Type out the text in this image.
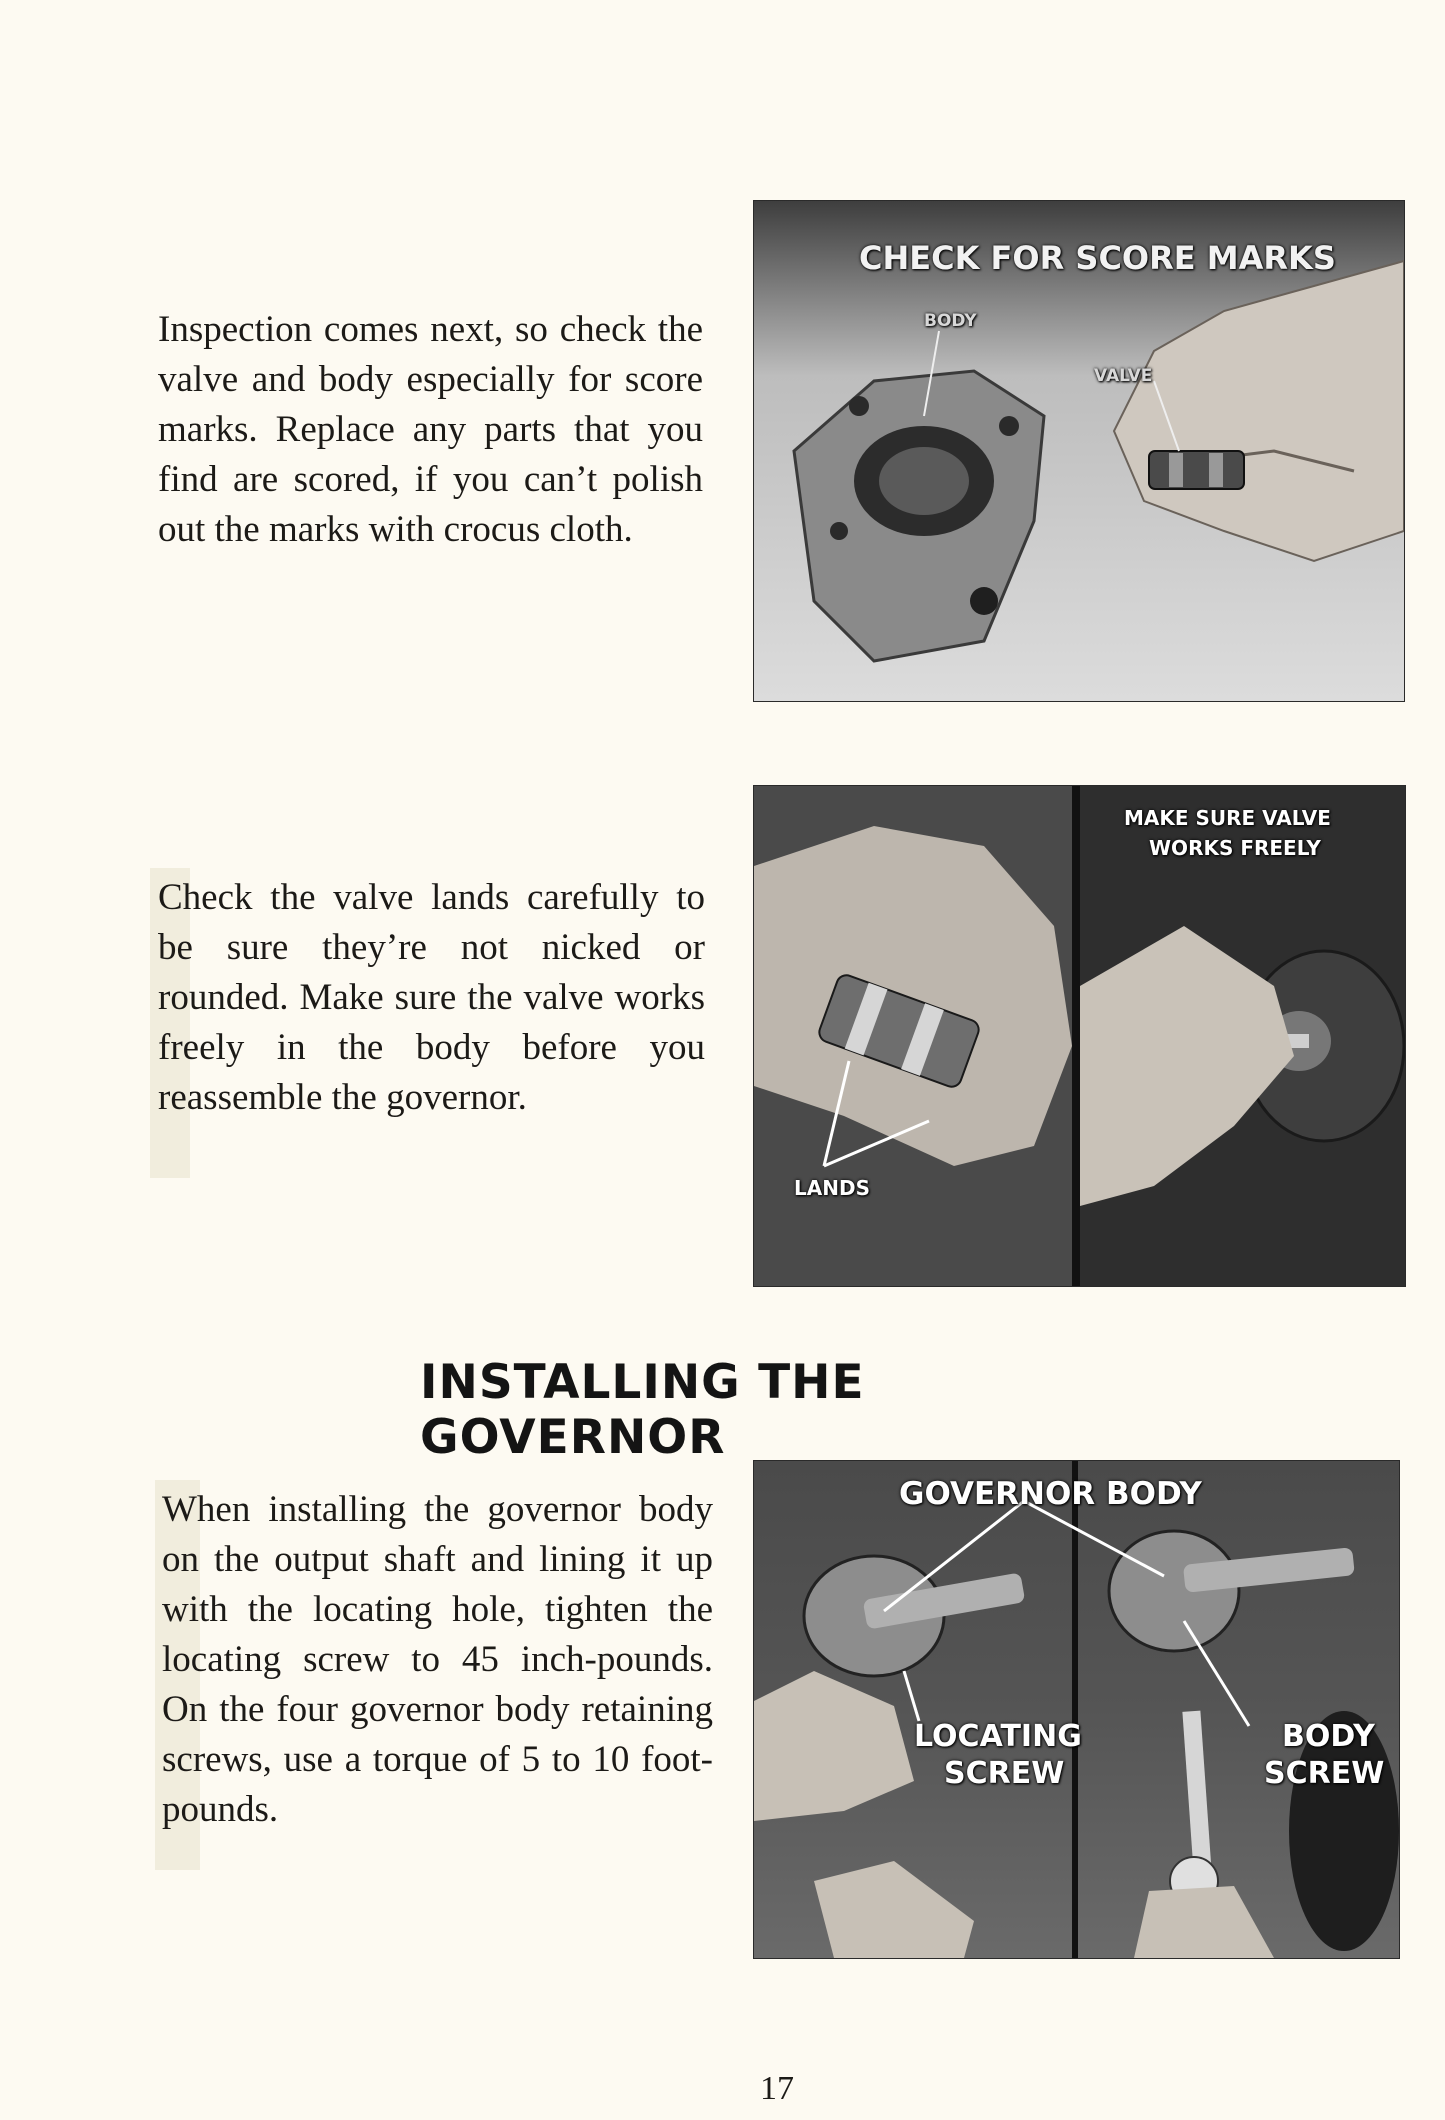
Inspection comes next, so check the valve and body especially for score marks. Replace any parts that you find are scored, if you can’t polish out the marks with crocus cloth.

CHECK FOR SCORE MARKS
BODY
VALVE

Check the valve lands carefully to be sure they’re not nicked or rounded. Make sure the valve works freely in the body before you reassemble the governor.

MAKE SURE VALVE
WORKS FREELY
LANDS
INSTALLING THE GOVERNOR

When installing the governor body on the output shaft and lining it up with the locating hole, tighten the locating screw to 45 inch-pounds. On the four governor body retaining screws, use a torque of 5 to 10 foot-pounds.

GOVERNOR BODY
LOCATING
SCREW
BODY
SCREW
17
